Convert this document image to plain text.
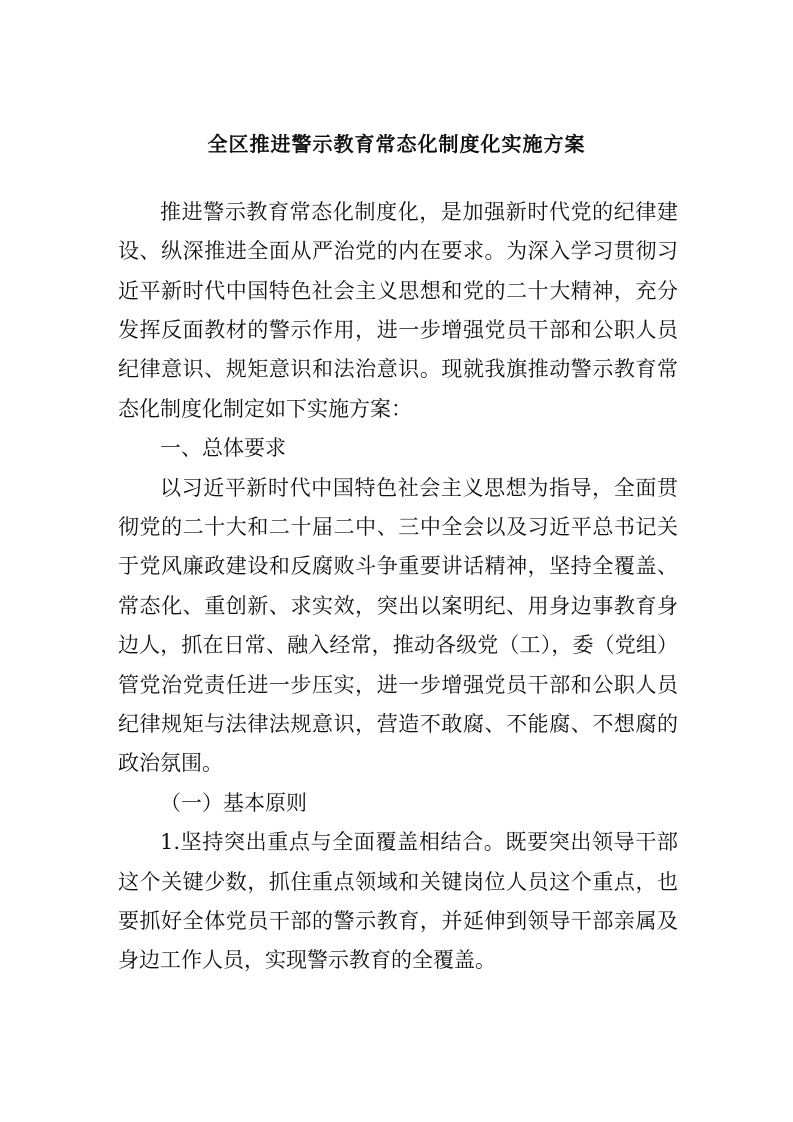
全区推进警示教育常态化制度化实施方案
推进警示教育常态化制度化，是加强新时代党的纪律建
设、纵深推进全面从严治党的内在要求。为深入学习贯彻习
近平新时代中国特色社会主义思想和党的二十大精神，充分
发挥反面教材的警示作用，进一步增强党员干部和公职人员
纪律意识、规矩意识和法治意识。现就我旗推动警示教育常
态化制度化制定如下实施方案：
一、总体要求
以习近平新时代中国特色社会主义思想为指导，全面贯
彻党的二十大和二十届二中、三中全会以及习近平总书记关
于党风廉政建设和反腐败斗争重要讲话精神，坚持全覆盖、
常态化、重创新、求实效，突出以案明纪、用身边事教育身
边人，抓在日常、融入经常，推动各级党（工），委（党组）
管党治党责任进一步压实，进一步增强党员干部和公职人员
纪律规矩与法律法规意识，营造不敢腐、不能腐、不想腐的
政治氛围。
（一）基本原则
1.坚持突出重点与全面覆盖相结合。既要突出领导干部
这个关键少数，抓住重点领域和关键岗位人员这个重点，也
要抓好全体党员干部的警示教育，并延伸到领导干部亲属及
身边工作人员，实现警示教育的全覆盖。
